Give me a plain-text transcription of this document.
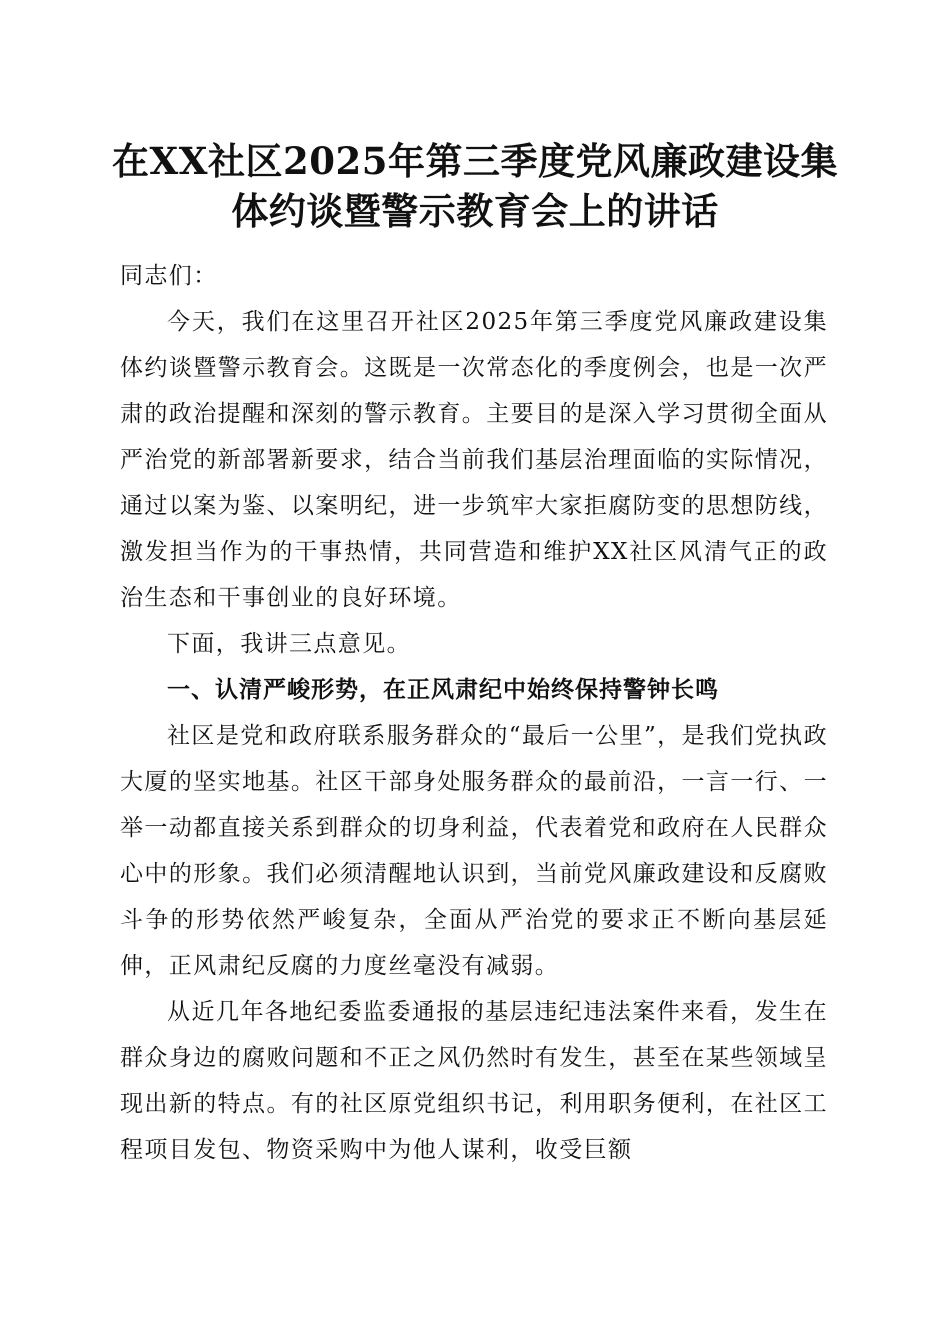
在XX社区2025年第三季度党风廉政建设集
体约谈暨警示教育会上的讲话

同志们：

今天，我们在这里召开社区2025年第三季度党风廉政建设集体约谈暨警示教育会。这既是一次常态化的季度例会，也是一次严肃的政治提醒和深刻的警示教育。主要目的是深入学习贯彻全面从严治党的新部署新要求，结合当前我们基层治理面临的实际情况，通过以案为鉴、以案明纪，进一步筑牢大家拒腐防变的思想防线，激发担当作为的干事热情，共同营造和维护XX社区风清气正的政治生态和干事创业的良好环境。

下面，我讲三点意见。

一、认清严峻形势，在正风肃纪中始终保持警钟长鸣

社区是党和政府联系服务群众的“最后一公里”，是我们党执政大厦的坚实地基。社区干部身处服务群众的最前沿，一言一行、一举一动都直接关系到群众的切身利益，代表着党和政府在人民群众心中的形象。我们必须清醒地认识到，当前党风廉政建设和反腐败斗争的形势依然严峻复杂，全面从严治党的要求正不断向基层延伸，正风肃纪反腐的力度丝毫没有减弱。

从近几年各地纪委监委通报的基层违纪违法案件来看，发生在群众身边的腐败问题和不正之风仍然时有发生，甚至在某些领域呈现出新的特点。有的社区原党组织书记，利用职务便利，在社区工程项目发包、物资采购中为他人谋利，收受巨额
